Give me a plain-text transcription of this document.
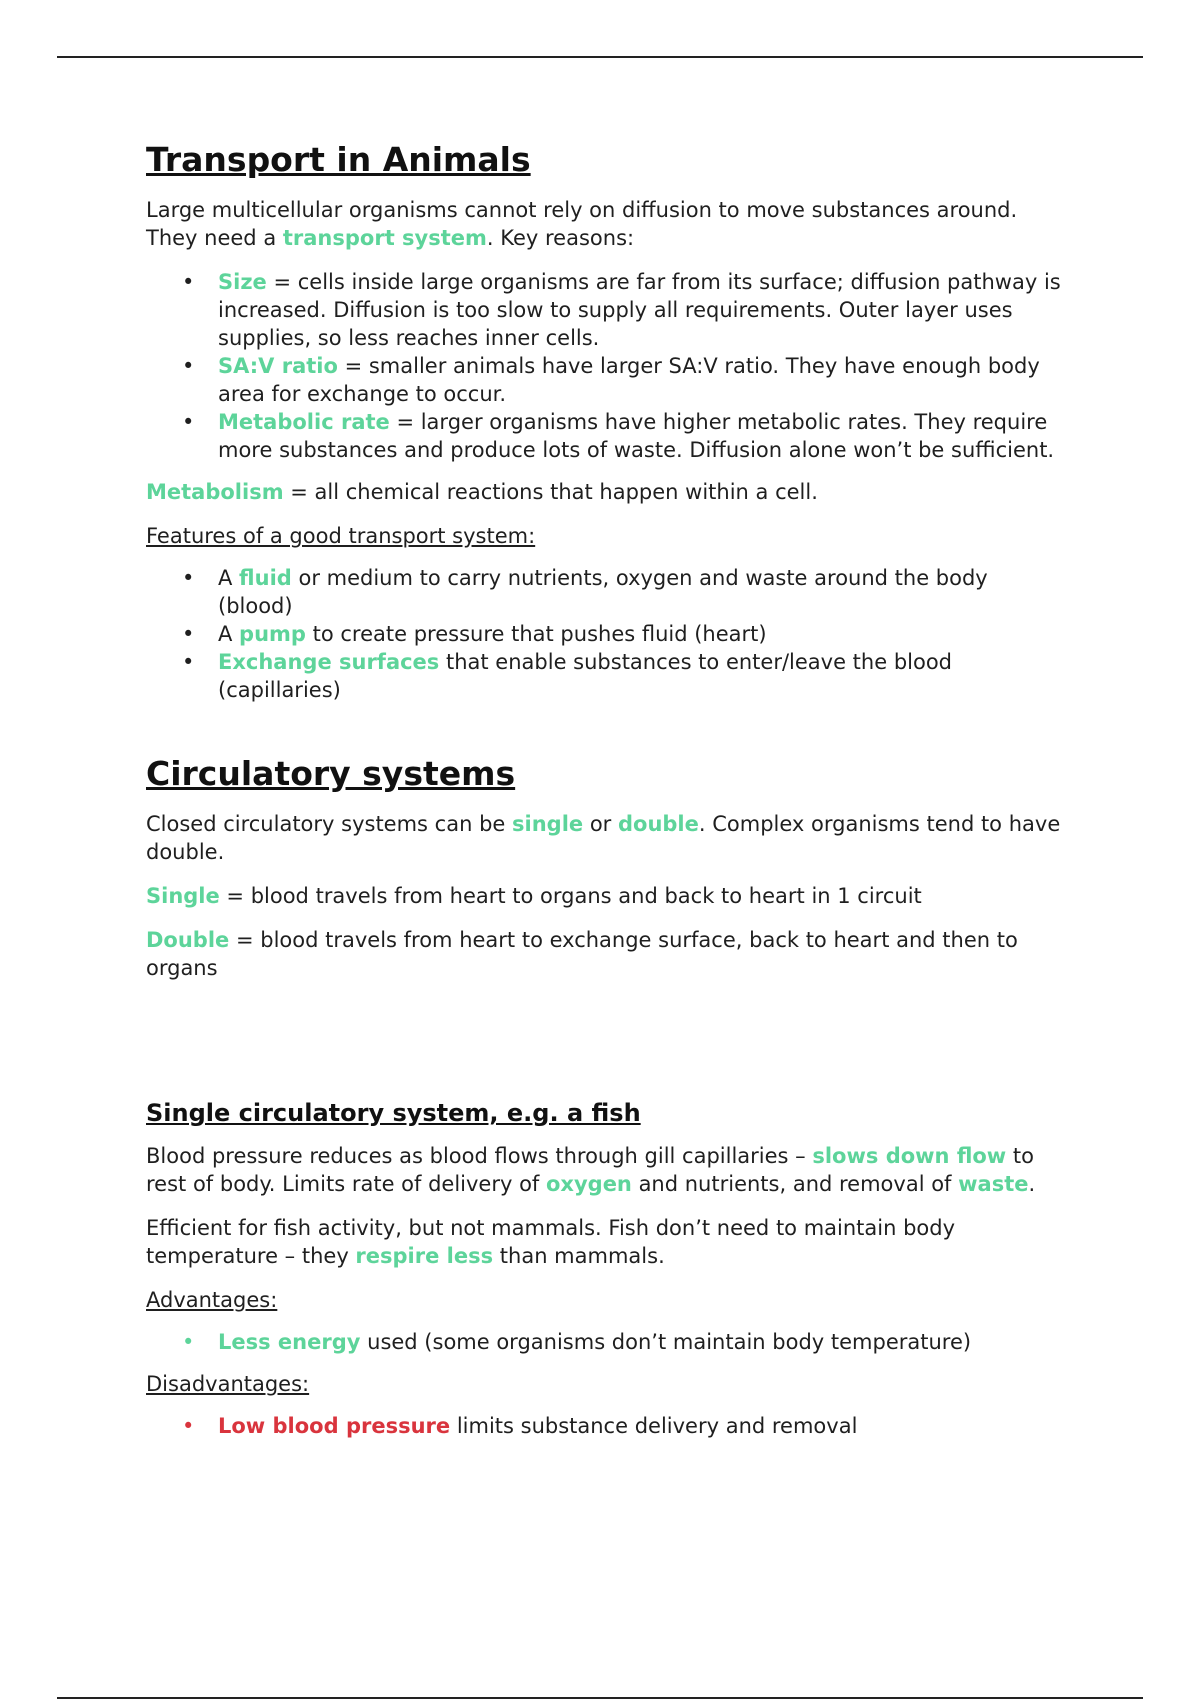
Transport in Animals

Large multicellular organisms cannot rely on diffusion to move substances around. They need a transport system. Key reasons:

• Size = cells inside large organisms are far from its surface; diffusion pathway is increased. Diffusion is too slow to supply all requirements. Outer layer uses supplies, so less reaches inner cells.
• SA:V ratio = smaller animals have larger SA:V ratio. They have enough body area for exchange to occur.
• Metabolic rate = larger organisms have higher metabolic rates. They require more substances and produce lots of waste. Diffusion alone won’t be sufficient.

Metabolism = all chemical reactions that happen within a cell.

Features of a good transport system:

• A fluid or medium to carry nutrients, oxygen and waste around the body (blood)
• A pump to create pressure that pushes fluid (heart)
• Exchange surfaces that enable substances to enter/leave the blood (capillaries)
Circulatory systems

Closed circulatory systems can be single or double. Complex organisms tend to have double.

Single = blood travels from heart to organs and back to heart in 1 circuit

Double = blood travels from heart to exchange surface, back to heart and then to organs

Single circulatory system, e.g. a fish

Blood pressure reduces as blood flows through gill capillaries – slows down flow to rest of body. Limits rate of delivery of oxygen and nutrients, and removal of waste.

Efficient for fish activity, but not mammals. Fish don’t need to maintain body temperature – they respire less than mammals.

Advantages:

• Less energy used (some organisms don’t maintain body temperature)

Disadvantages:

• Low blood pressure limits substance delivery and removal
